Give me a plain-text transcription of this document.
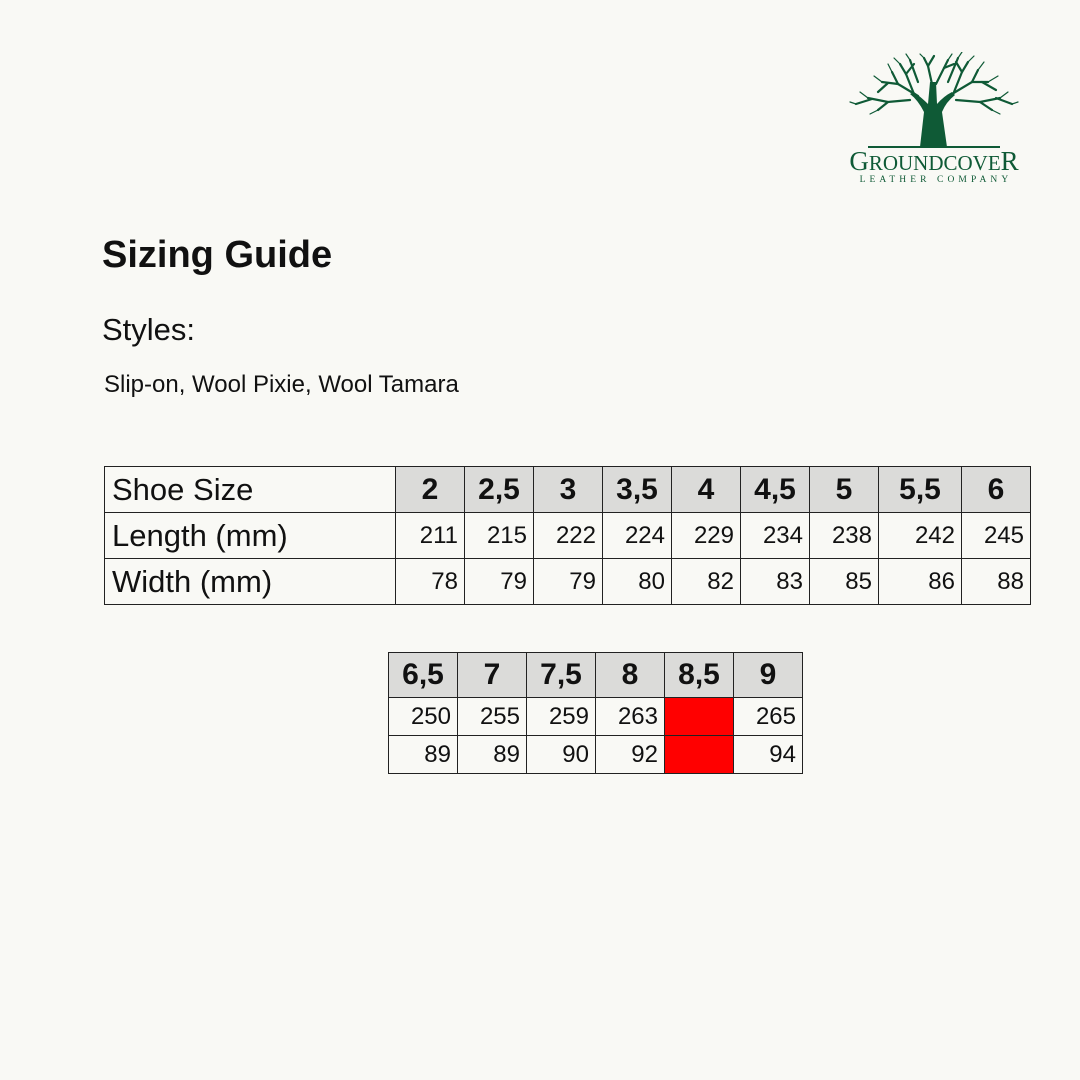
GROUNDCOVER
LEATHER COMPANY
Sizing Guide
Styles:
Slip-on, Wool Pixie, Wool Tamara
Shoe Size	2	2,5	3	3,5	4	4,5	5	5,5	6
Length (mm)	211	215	222	224	229	234	238	242	245
Width (mm)	78	79	79	80	82	83	85	86	88
6,5	7	7,5	8	8,5	9
250	255	259	263		265
89	89	90	92		94
